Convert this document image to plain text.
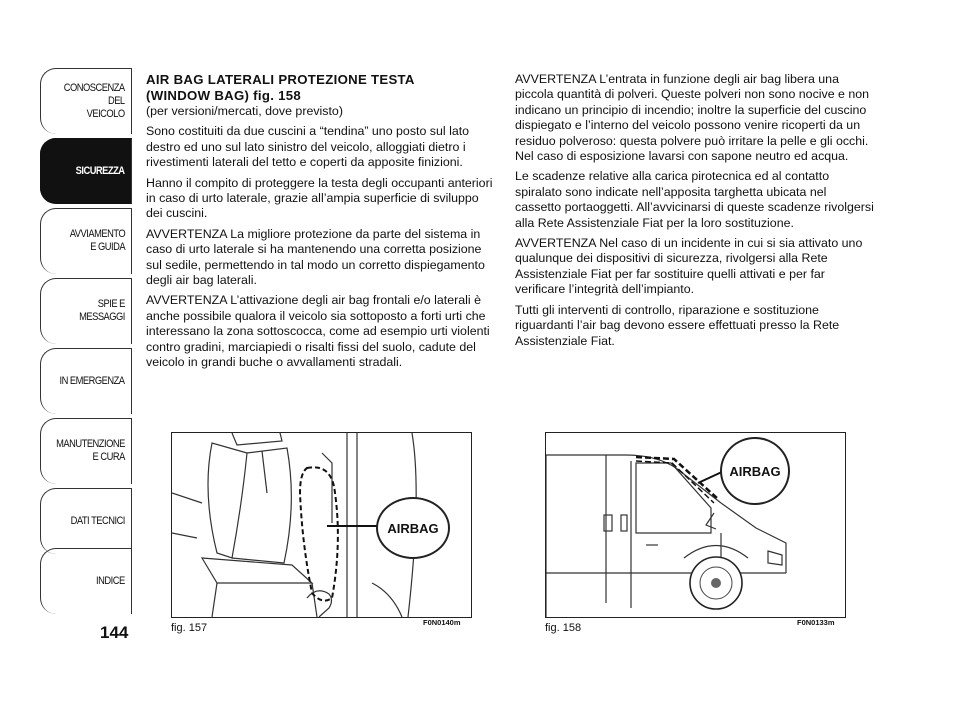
CONOSCENZA
DEL
VEICOLO
SICUREZZA
AVVIAMENTO
E GUIDA
SPIE E
MESSAGGI
IN EMERGENZA
MANUTENZIONE
E CURA
DATI TECNICI
INDICE
144
AIR BAG LATERALI PROTEZIONE TESTA
(WINDOW BAG) fig. 158

(per versioni/mercati, dove previsto)

Sono costituiti da due cuscini a “tendina” uno posto sul lato destro ed uno sul lato sinistro del veicolo, alloggiati dietro i rivestimenti laterali del tetto e coperti da apposite finizioni.

Hanno il compito di proteggere la testa degli occupanti anteriori in caso di urto laterale, grazie all’ampia superficie di sviluppo dei cuscini.

AVVERTENZA La migliore protezione da parte del sistema in caso di urto laterale si ha mantenendo una corretta posizione sul sedile, permettendo in tal modo un corretto dispiegamento degli air bag laterali.

AVVERTENZA L’attivazione degli air bag frontali e/o laterali è anche possibile qualora il veicolo sia sottoposto a forti urti che interessano la zona sottoscocca, come ad esempio urti violenti contro gradini, marciapiedi o risalti fissi del suolo, cadute del veicolo in grandi buche o avvallamenti stradali.

AVVERTENZA L’entrata in funzione degli air bag libera una piccola quantità di polveri. Queste polveri non sono nocive e non indicano un principio di incendio; inoltre la superficie del cuscino dispiegato e l’interno del veicolo possono venire ricoperti da un residuo polveroso: questa polvere può irritare la pelle e gli occhi. Nel caso di esposizione lavarsi con sapone neutro ed acqua.

Le scadenze relative alla carica pirotecnica ed al contatto spiralato sono indicate nell’apposita targhetta ubicata nel cassetto portaoggetti. All’avvicinarsi di queste scadenze rivolgersi alla Rete Assistenziale Fiat per la loro sostituzione.

AVVERTENZA Nel caso di un incidente in cui si sia attivato uno qualunque dei dispositivi di sicurezza, rivolgersi alla Rete Assistenziale Fiat per far sostituire quelli attivati e per far verificare l’integrità dell’impianto.

Tutti gli interventi di controllo, riparazione e sostituzione riguardanti l’air bag devono essere effettuati presso la Rete Assistenziale Fiat.

AIRBAG
fig. 157	F0N0140m
AIRBAG
fig. 158	F0N0133m
